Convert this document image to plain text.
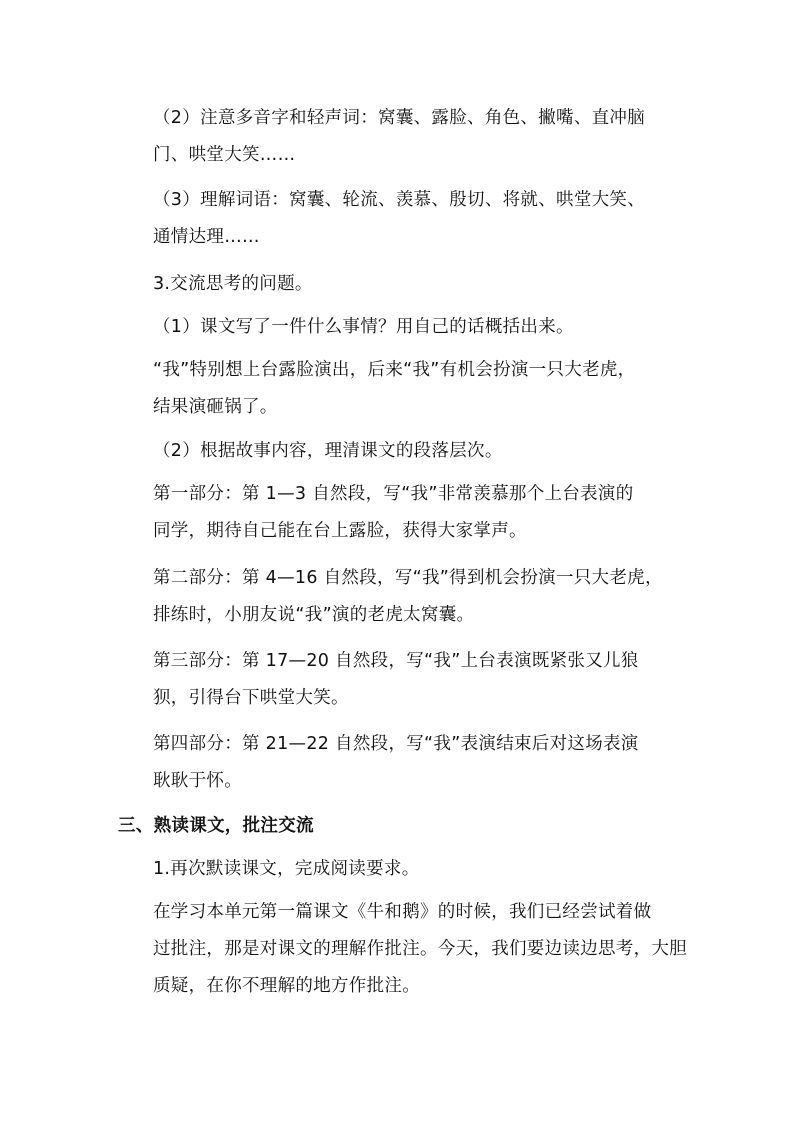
（2）注意多音字和轻声词：窝囊、露脸、角色、撇嘴、直冲脑
门、哄堂大笑……

（3）理解词语：窝囊、轮流、羡慕、殷切、将就、哄堂大笑、
通情达理……

3.交流思考的问题。

（1）课文写了一件什么事情？用自己的话概括出来。

“我”特别想上台露脸演出，后来“我”有机会扮演一只大老虎，
结果演砸锅了。

（2）根据故事内容，理清课文的段落层次。

第一部分：第 1—3 自然段，写“我”非常羡慕那个上台表演的
同学，期待自己能在台上露脸，获得大家掌声。

第二部分：第 4—16 自然段，写“我”得到机会扮演一只大老虎，
排练时，小朋友说“我”演的老虎太窝囊。

第三部分：第 17—20 自然段，写“我”上台表演既紧张又儿狼
狈，引得台下哄堂大笑。

第四部分：第 21—22 自然段，写“我”表演结束后对这场表演
耿耿于怀。

三、熟读课文，批注交流

1.再次默读课文，完成阅读要求。

在学习本单元第一篇课文《牛和鹅》的时候，我们已经尝试着做
过批注，那是对课文的理解作批注。今天，我们要边读边思考，大胆
质疑，在你不理解的地方作批注。
